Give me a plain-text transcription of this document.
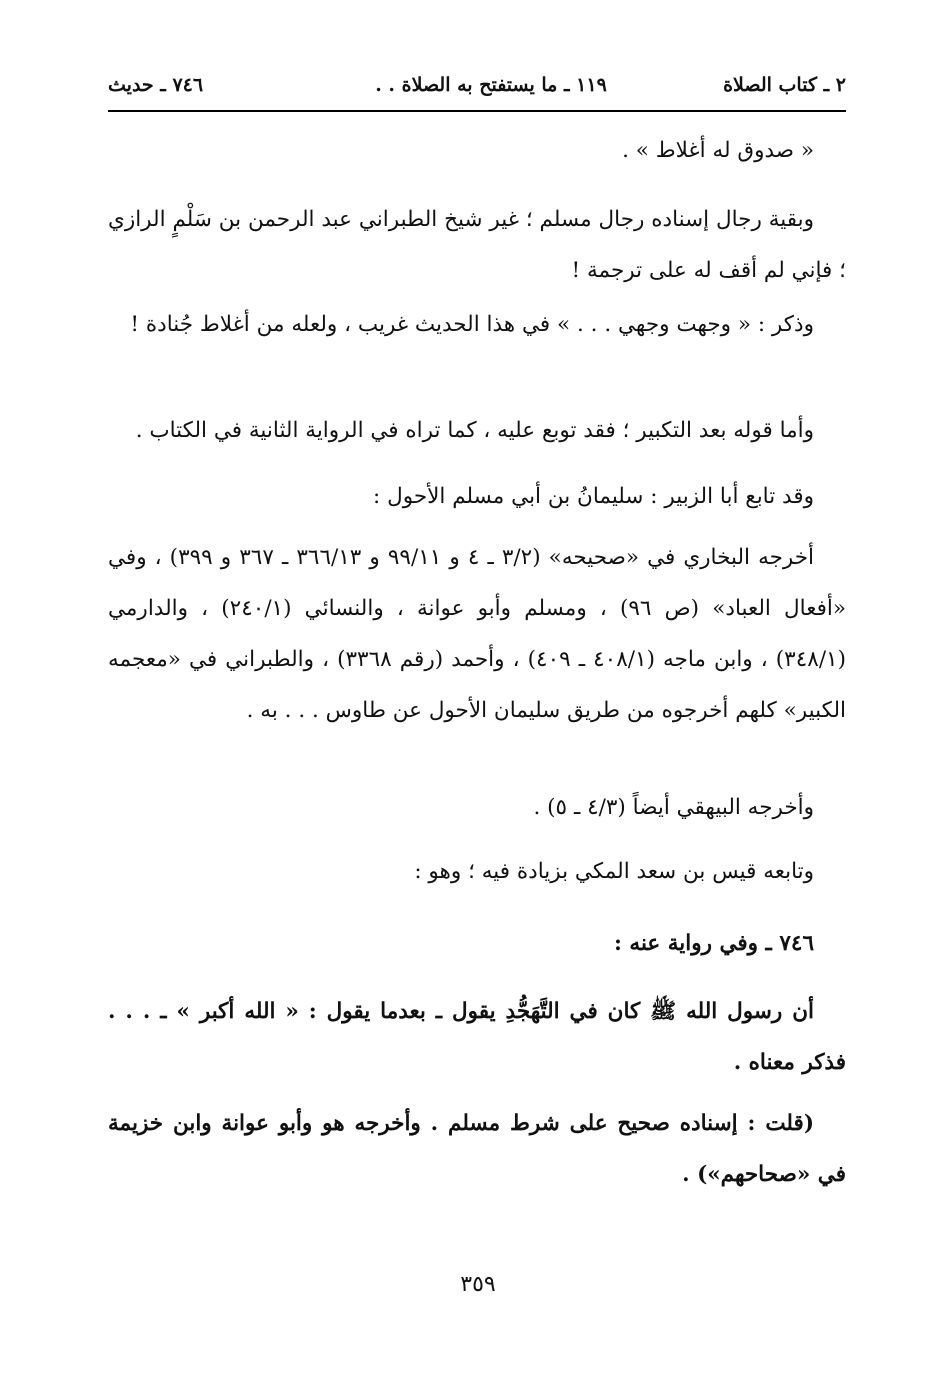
٢ ـ كتاب الصلاة
١١٩ ـ ما يستفتح به الصلاة . .
٧٤٦ ـ حديث

« صدوق له أغلاط » .

وبقية رجال إسناده رجال مسلم ؛ غير شيخ الطبراني عبد الرحمن بن سَلْمٍ الرازي ؛ فإني لم أقف له على ترجمة !

وذكر : « وجهت وجهي . . . » في هذا الحديث غريب ، ولعله من أغلاط جُنادة !

وأما قوله بعد التكبير ؛ فقد توبع عليه ، كما تراه في الرواية الثانية في الكتاب .

وقد تابع أبا الزبير : سليمانُ بن أبي مسلم الأحول :

أخرجه البخاري في «صحيحه» (٣/٢ ـ ٤ و ٩٩/١١ و ٣٦٦/١٣ ـ ٣٦٧ و ٣٩٩) ، وفي «أفعال العباد» (ص ٩٦) ، ومسلم وأبو عوانة ، والنسائي (٢٤٠/١) ، والدارمي (٣٤٨/١) ، وابن ماجه (٤٠٨/١ ـ ٤٠٩) ، وأحمد (رقم ٣٣٦٨) ، والطبراني في «معجمه الكبير» كلهم أخرجوه من طريق سليمان الأحول عن طاوس . . . به .

وأخرجه البيهقي أيضاً (٤/٣ ـ ٥) .

وتابعه قيس بن سعد المكي بزيادة فيه ؛ وهو :

٧٤٦ ـ وفي رواية عنه :

أن رسول الله ﷺ كان في التَّهَجُّدِ يقول ـ بعدما يقول : « الله أكبر » ـ . . . فذكر معناه .

(قلت : إسناده صحيح على شرط مسلم . وأخرجه هو وأبو عوانة وابن خزيمة في «صحاحهم») .

٣٥٩
